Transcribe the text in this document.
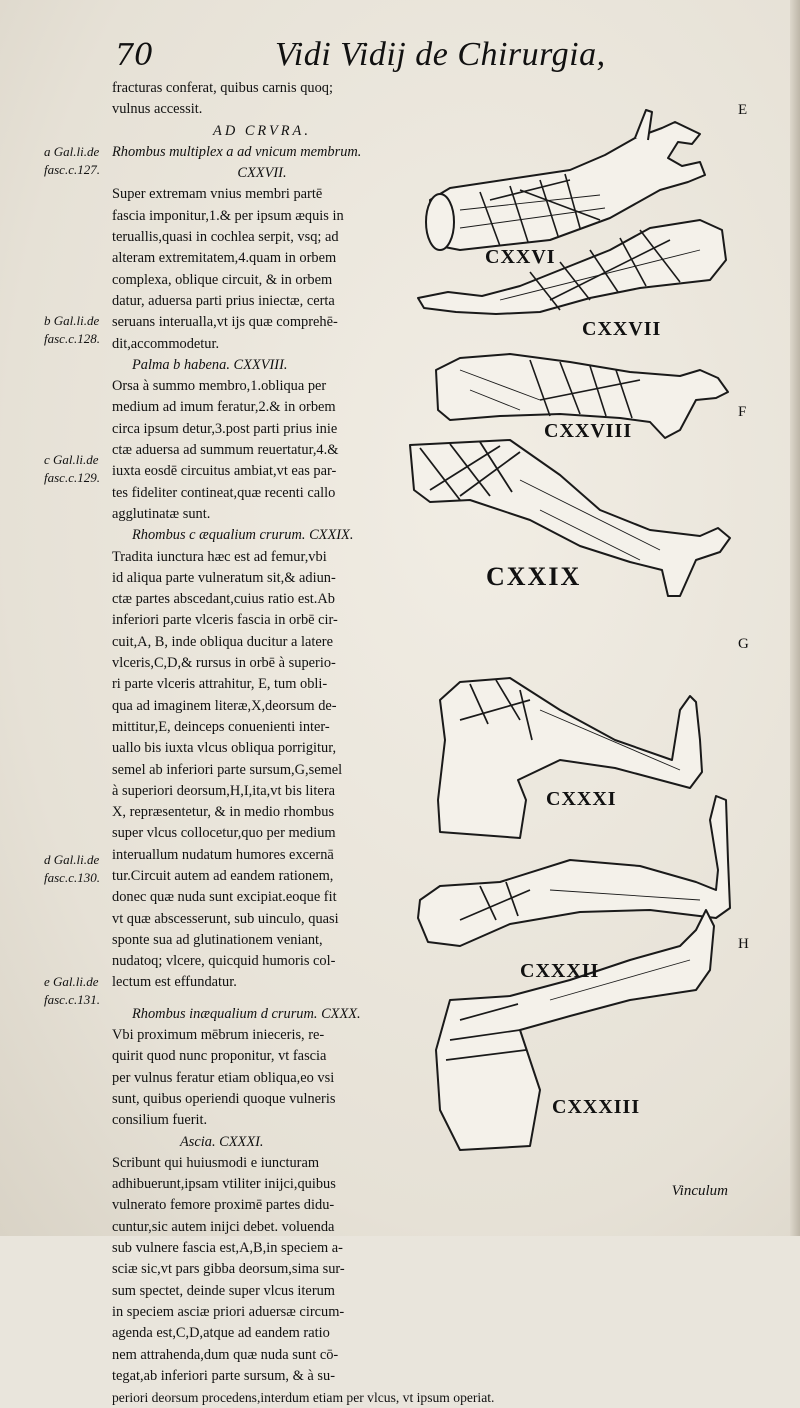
70	Vidi Vidij de Chirurgia,
E
F
G
H
a Gal.li.de fasc.c.127.
b Gal.li.de fasc.c.128.
c Gal.li.de fasc.c.129.
d Gal.li.de fasc.c.130.
e Gal.li.de fasc.c.131.
fracturas conferat, quibus carnis quoq;
vulnus accessit.
AD CRVRA.
Rhombus multiplex a ad vnicum membrum.
CXXVII.
Super extremam vnius membri partē
fascia imponitur,1.& per ipsum æquis in
teruallis,quasi in cochlea serpit, vsq; ad
alteram extremitatem,4.quam in orbem
complexa, oblique circuit, & in orbem
datur, aduersa parti prius iniectæ, certa
seruans interualla,vt ijs quæ comprehē-
dit,accommodetur.
Palma b habena. CXXVIII.
Orsa à summo membro,1.obliqua per
medium ad imum feratur,2.& in orbem
circa ipsum detur,3.post parti prius inie
ctæ aduersa ad summum reuertatur,4.&
iuxta eosdē circuitus ambiat,vt eas par-
tes fideliter contineat,quæ recenti callo
agglutinatæ sunt.
Rhombus c æqualium crurum. CXXIX.
Tradita iunctura hæc est ad femur,vbi
id aliqua parte vulneratum sit,& adiun-
ctæ partes abscedant,cuius ratio est.Ab
inferiori parte vlceris fascia in orbē cir-
cuit,A, B, inde obliqua ducitur a latere
vlceris,C,D,& rursus in orbē à superio-
ri parte vlceris attrahitur, E, tum obli-
qua ad imaginem literæ,X,deorsum de-
mittitur,E, deinceps conuenienti inter-
uallo bis iuxta vlcus obliqua porrigitur,
semel ab inferiori parte sursum,G,semel
à superiori deorsum,H,I,ita,vt bis litera
X, repræsentetur, & in medio rhombus
super vlcus collocetur,quo per medium
interuallum nudatum humores excernā
tur.Circuit autem ad eandem rationem,
donec quæ nuda sunt excipiat.eoque fit
vt quæ abscesserunt, sub uinculo, quasi
sponte sua ad glutinationem veniant,
nudatoq; vlcere, quicquid humoris col-
lectum est effundatur.
Rhombus inæqualium d crurum. CXXX.
Vbi proximum mēbrum inieceris, re-
quirit quod nunc proponitur, vt fascia
per vulnus feratur etiam obliqua,eo vsi
sunt, quibus operiendi quoque vulneris
consilium fuerit.
Ascia. CXXXI.
Scribunt qui huiusmodi e iuncturam
adhibuerunt,ipsam vtiliter inijci,quibus
vulnerato femore proximē partes didu-
cuntur,sic autem inijci debet. voluenda
sub vulnere fascia est,A,B,in speciem a-
sciæ sic,vt pars gibba deorsum,sima sur-
sum spectet, deinde super vlcus iterum
in speciem asciæ priori aduersæ circum-
agenda est,C,D,atque ad eandem ratio
nem attrahenda,dum quæ nuda sunt cō-
tegat,ab inferiori parte sursum, & à su-
periori deorsum procedens,interdum etiam per vlcus, vt ipsum operiat.
CXXVI
CXXVII
CXXVIII
CXXIX
CXXXI
CXXXII
CXXXIII
Vinculum
